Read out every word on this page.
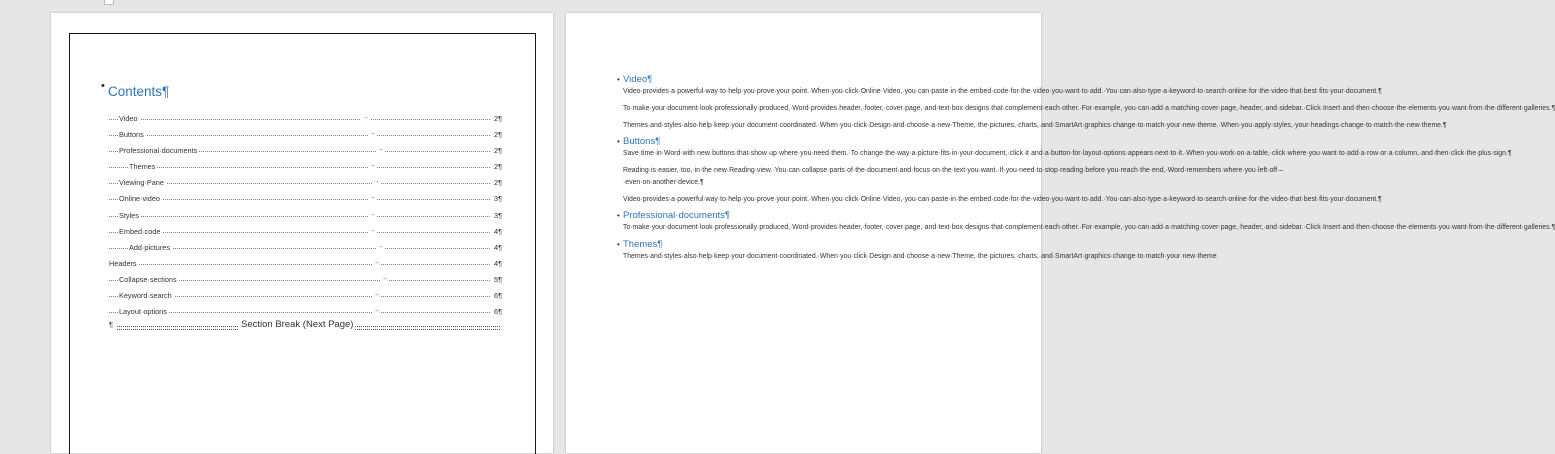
• Contents¶
Video	→	2¶
Buttons	→	2¶
Professional·documents	→	2¶
Themes	→	2¶
Viewing·Pane	→	2¶
Online·video	→	3¶
Styles	→	3¶
Embed·code	→	4¶
Add·pictures	→	4¶
Headers	→	4¶
Collapse·sections	→	5¶
Keyword·search	→	6¶
Layout·options	→	6¶
¶	Section Break (Next Page)
• Video¶

Video·provides·a·powerful·way·to·help·you·prove·your·point.·When·you·click·Online·Video,·you·can·paste·in·the·embed·code·for·the·video·you·want·to·add.·You·can·also·type·a·keyword·to·search·online·for·the·video·that·best·fits·your·document.¶

To·make·your·document·look·professionally·produced,·Word·provides·header,·footer,·cover·page,·and·text·box·designs·that·complement·each·other.·For·example,·you·can·add·a·matching·cover·page,·header,·and·sidebar.·Click·Insert·and·then·choose·the·elements·you·want·from·the·different·galleries.¶

Themes·and·styles·also·help·keep·your·document·coordinated.·When·you·click·Design·and·choose·a·new·Theme,·the·pictures,·charts,·and·SmartArt·graphics·change·to·match·your·new·theme.·When·you·apply·styles,·your·headings·change·to·match·the·new·theme.¶

• Buttons¶

Save·time·in·Word·with·new·buttons·that·show·up·where·you·need·them.·To·change·the·way·a·picture·fits·in·your·document,·click·it·and·a·button·for·layout·options·appears·next·to·it.·When·you·work·on·a·table,·click·where·you·want·to·add·a·row·or·a·column,·and·then·click·the·plus·sign.¶

Reading·is·easier,·too,·in·the·new·Reading·view.·You·can·collapse·parts·of·the·document·and·focus·on·the·text·you·want.·If·you·need·to·stop·reading·before·you·reach·the·end,·Word·remembers·where·you·left·off·–·even·on·another·device.¶

Video·provides·a·powerful·way·to·help·you·prove·your·point.·When·you·click·Online·Video,·you·can·paste·in·the·embed·code·for·the·video·you·want·to·add.·You·can·also·type·a·keyword·to·search·online·for·the·video·that·best·fits·your·document.¶

• Professional·documents¶

To·make·your·document·look·professionally·produced,·Word·provides·header,·footer,·cover·page,·and·text·box·designs·that·complement·each·other.·For·example,·you·can·add·a·matching·cover·page,·header,·and·sidebar.·Click·Insert·and·then·choose·the·elements·you·want·from·the·different·galleries.¶

• Themes¶

Themes·and·styles·also·help·keep·your·document·coordinated.·When·you·click·Design·and·choose·a·new·Theme,·the·pictures,·charts,·and·SmartArt·graphics·change·to·match·your·new·theme.
